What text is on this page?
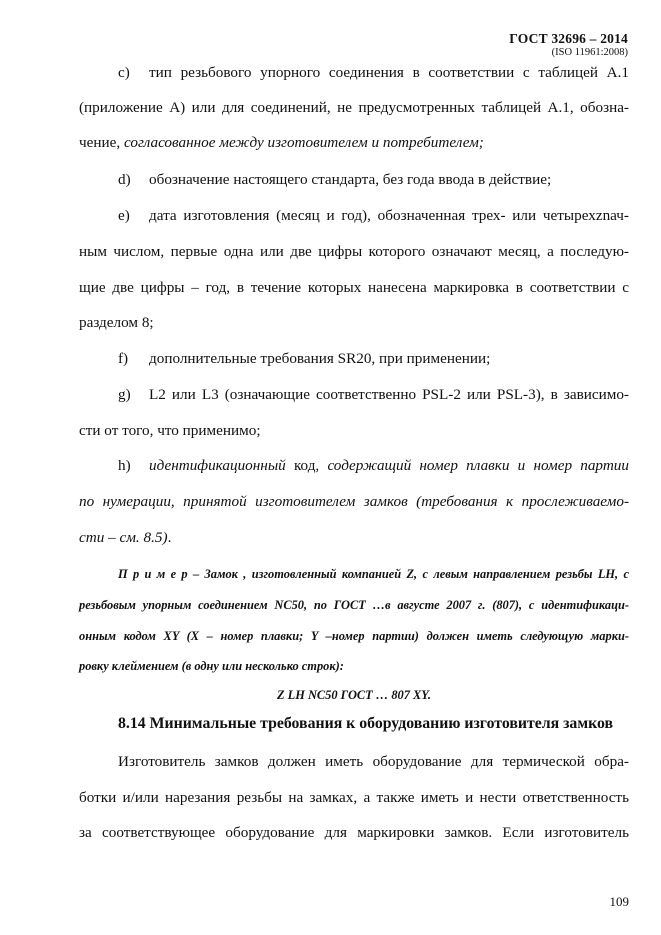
ГОСТ 32696 – 2014
(ISO 11961:2008)
c) тип резьбового упорного соединения в соответствии с таблицей А.1
(приложение А) или для соединений, не предусмотренных таблицей А.1, обозна-
чение, согласованное между изготовителем и потребителем;
d) обозначение настоящего стандарта, без года ввода в действие;
e) дата изготовления (месяц и год), обозначенная трех- или четырехznач-
ным числом, первые одна или две цифры которого означают месяц, а последую-
щие две цифры – год, в течение которых нанесена маркировка в соответствии с
разделом 8;
f) дополнительные требования SR20, при применении;
g) L2 или L3 (означающие соответственно PSL-2 или PSL-3), в зависимо-
сти от того, что применимо;
h) идентификационный код, содержащий номер плавки и номер партии
по нумерации, принятой изготовителем замков (требования к прослеживаемо-
сти – см. 8.5).
П р и м е р – Замок , изготовленный компанией Z, с левым направлением резьбы LH, с
резьбовым упорным соединением NC50, по ГОСТ …в августе 2007 г. (807), с идентификаци-
онным кодом XY (X – номер плавки; Y –номер партии) должен иметь следующую марки-
ровку клеймением (в одну или несколько строк):
Z LH NC50 ГОСТ … 807 XY.
8.14 Минимальные требования к оборудованию изготовителя замков
Изготовитель замков должен иметь оборудование для термической обра-
ботки и/или нарезания резьбы на замках, а также иметь и нести ответственность
за соответствующее оборудование для маркировки замков. Если изготовитель
109
